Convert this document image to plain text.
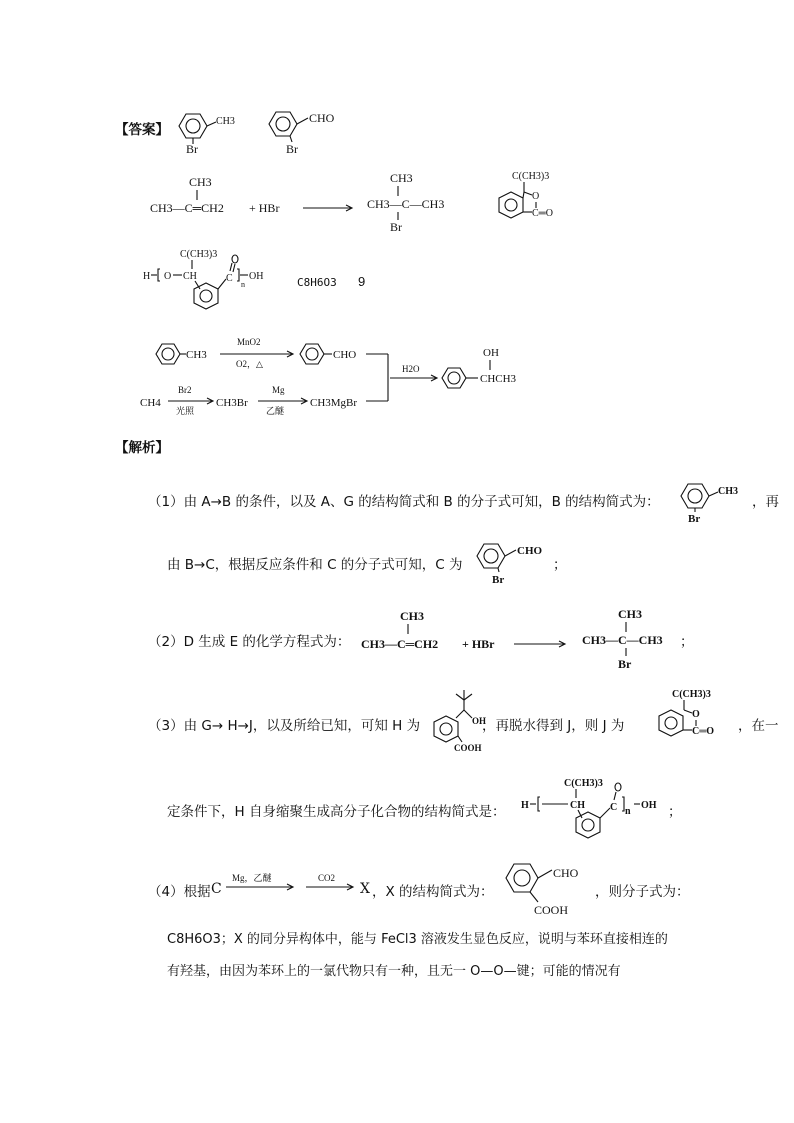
【答案】
CH3
Br
CHO
Br
CH3
CH3—C═CH2 + HBr
CH3
CH3—C—CH3
Br
C(CH3)3
O
C═O
C(CH3)3
H O CH	C
n
OH	C8H6O3 9
CH3
MnO2
O2，△
CHO
CH4
Br2
光照
CH3Br
Mg
乙醚
CH3MgBr
H2O
OH
CHCH3
【解析】
（1）由 A→B 的条件，以及 A、G 的结构简式和 B 的分子式可知，B 的结构简式为：
CH3
Br
，再
由 B→C，根据反应条件和 C 的分子式可知，C 为
CHO
Br
；
（2）D 生成 E 的化学方程式为：
CH3
CH3—C═CH2 + HBr
CH3
CH3—C—CH3
Br
；
（3）由 G→ H→J，以及所给已知，可知 H 为	OH
COOH
，再脱水得到 J，则 J 为
C(CH3)3
O
C═O ，在一
定条件下，H 自身缩聚生成高分子化合物的结构简式是：
C(CH3)3
H	CH	C n
OH ；
（4）根据 C
Mg，乙醚	CO2
X ，X 的结构简式为：
CHO
COOH
，则分子式为：
C8H6O3；X 的同分异构体中，能与 FeCl3 溶液发生显色反应，说明与苯环直接相连的
有羟基，由因为苯环上的一氯代物只有一种，且无一 O—O—键；可能的情况有
